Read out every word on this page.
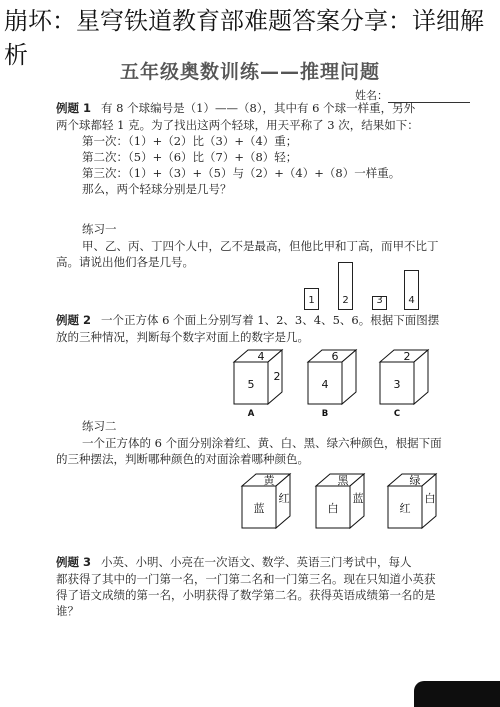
崩坏：星穹铁道教育部难题答案分享：详细解析
五年级奥数训练——推理问题
姓名：

例题 1 有 8 个球编号是（1）——（8），其中有 6 个球一样重，另外

两个球都轻 1 克。为了找出这两个轻球，用天平称了 3 次，结果如下：
第一次：（1）+（2）比（3）+（4）重；
第二次：（5）+（6）比（7）+（8）轻；
第三次：（1）+（3）+（5）与（2）+（4）+（8）一样重。
那么，两个轻球分别是几号？
练习一
甲、乙、丙、丁四个人中，乙不是最高，但他比甲和丁高，而甲不比丁
高。请说出他们各是几号。
1	2	3	4

例题 2 一个正方体 6 个面上分别写着 1、2、3、4、5、6。根据下面图摆

放的三种情况，判断每个数字对面上的数字是几。
4
5
2
A
6
4
B
2
3
C
练习二
一个正方体的 6 个面分别涂着红、黄、白、黑、绿六种颜色，根据下面
的三种摆法，判断哪种颜色的对面涂着哪种颜色。
黄
蓝
红
黑
白
蓝
绿
红
白

例题 3 小英、小明、小亮在一次语文、数学、英语三门考试中，每人

都获得了其中的一门第一名，一门第二名和一门第三名。现在只知道小英获
得了语文成绩的第一名，小明获得了数学第二名。获得英语成绩第一名的是
谁？
